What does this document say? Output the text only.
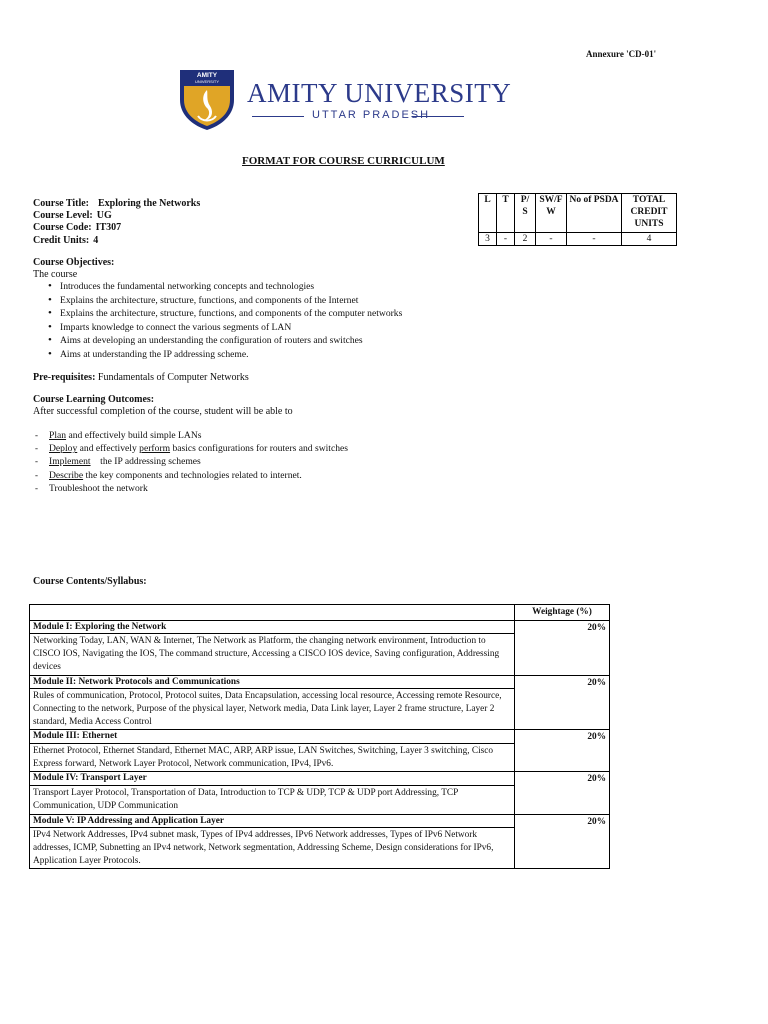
Annexure 'CD-01'
AMITY
UNIVERSITY AMITY UNIVERSITY
UTTAR PRADESH
FORMAT FOR COURSE CURRICULUM
Course Title: Exploring the Networks
Course Level: UG
Course Code: IT307
Credit Units: 4
L	T	P/ S	SW/F W	No of PSDA	TOTAL CREDIT UNITS
3	-	2	-	-	4
Course Objectives:
The course
• Introduces the fundamental networking concepts and technologies
• Explains the architecture, structure, functions, and components of the Internet
• Explains the architecture, structure, functions, and components of the computer networks
• Imparts knowledge to connect the various segments of LAN
• Aims at developing an understanding the configuration of routers and switches
• Aims at understanding the IP addressing scheme.
Pre-requisites: Fundamentals of Computer Networks
Course Learning Outcomes:
After successful completion of the course, student will be able to
- Plan and effectively build simple LANs
- Deploy and effectively perform basics configurations for routers and switches
- Implement    the IP addressing schemes
- Describe the key components and technologies related to internet.
- Troubleshoot the network
Course Contents/Syllabus:
	Weightage (%)

Module I: Exploring the Network
Networking Today, LAN, WAN & Internet, The Network as Platform, the changing network environment, Introduction to CISCO IOS, Navigating the IOS, The command structure, Accessing a CISCO IOS device, Saving configuration, Addressing devices	20%

Module II: Network Protocols and Communications
Rules of communication, Protocol, Protocol suites, Data Encapsulation, accessing local resource, Accessing remote Resource, Connecting to the network, Purpose of the physical layer, Network media, Data Link layer, Layer 2 frame structure, Layer 2 standard, Media Access Control	20%

Module III: Ethernet
Ethernet Protocol, Ethernet Standard, Ethernet MAC, ARP, ARP issue, LAN Switches, Switching, Layer 3 switching, Cisco Express forward, Network Layer Protocol, Network communication, IPv4, IPv6.	20%

Module IV: Transport Layer
Transport Layer Protocol, Transportation of Data, Introduction to TCP & UDP, TCP & UDP port Addressing, TCP Communication, UDP Communication	20%

Module V: IP Addressing and Application Layer
IPv4 Network Addresses, IPv4 subnet mask, Types of IPv4 addresses, IPv6 Network addresses, Types of IPv6 Network addresses, ICMP, Subnetting an IPv4 network, Network segmentation, Addressing Scheme, Design considerations for IPv6, Application Layer Protocols.	20%
